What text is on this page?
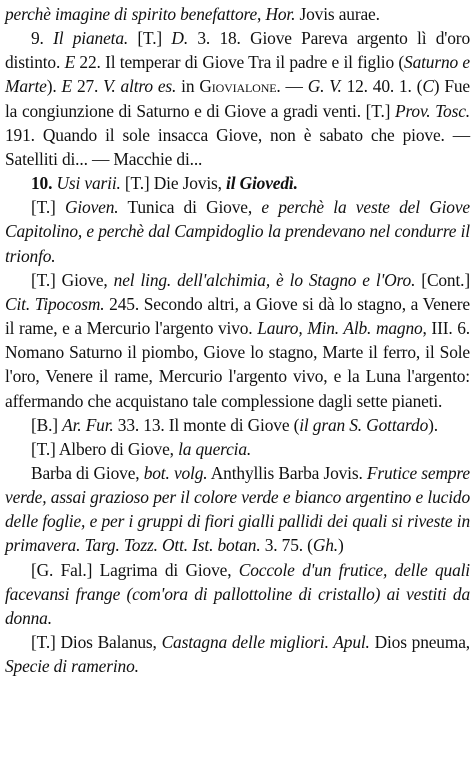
perchè imagine di spirito benefattore, Hor. Jovis aurae.

9. Il pianeta. [T.] D. 3. 18. Giove Pareva argento lì d'oro distinto. E 22. Il temperar di Giove Tra il padre e il figlio (Saturno e Marte). E 27. V. altro es. in Giovialone. — G. V. 12. 40. 1. (C) Fue la congiunzione di Saturno e di Giove a gradi venti. [T.] Prov. Tosc. 191. Quando il sole insacca Giove, non è sabato che piove. — Satelliti di... — Macchie di...

10. Usi varii. [T.] Die Jovis, il Giovedì.

[T.] Gioven. Tunica di Giove, e perchè la veste del Giove Capitolino, e perchè dal Campidoglio la prendevano nel condurre il trionfo.

[T.] Giove, nel ling. dell'alchimia, è lo Stagno e l'Oro. [Cont.] Cit. Tipocosm. 245. Secondo altri, a Giove si dà lo stagno, a Venere il rame, e a Mercurio l'argento vivo. Lauro, Min. Alb. magno, III. 6. Nomano Saturno il piombo, Giove lo stagno, Marte il ferro, il Sole l'oro, Venere il rame, Mercurio l'argento vivo, e la Luna l'argento: affermando che acquistano tale complessione dagli sette pianeti.

[B.] Ar. Fur. 33. 13. Il monte di Giove (il gran S. Gottardo).

[T.] Albero di Giove, la quercia.

Barba di Giove, bot. volg. Anthyllis Barba Jovis. Frutice sempre verde, assai grazioso per il colore verde e bianco argentino e lucido delle foglie, e per i gruppi di fiori gialli pallidi dei quali si riveste in primavera. Targ. Tozz. Ott. Ist. botan. 3. 75. (Gh.)

[G. Fal.] Lagrima di Giove, Coccole d'un frutice, delle quali facevansi frange (com'ora di pallottoline di cristallo) ai vestiti da donna.

[T.] Dios Balanus, Castagna delle migliori. Apul. Dios pneuma, Specie di ramerino.
